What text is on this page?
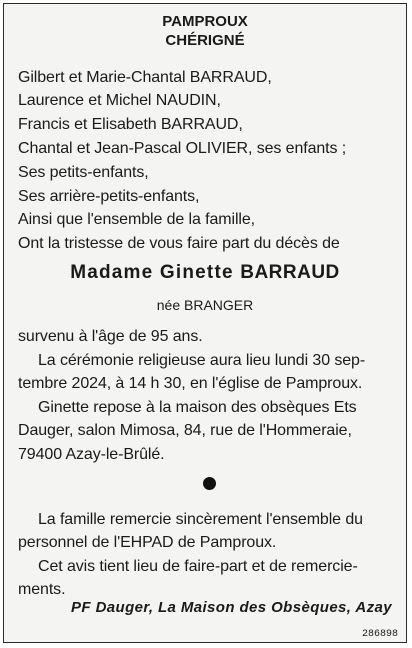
PAMPROUX
CHÉRIGNÉ
Gilbert et Marie-Chantal BARRAUD,
Laurence et Michel NAUDIN,
Francis et Elisabeth BARRAUD,
Chantal et Jean-Pascal OLIVIER, ses enfants ;
Ses petits-enfants,
Ses arrière-petits-enfants,
Ainsi que l'ensemble de la famille,
Ont la tristesse de vous faire part du décès de
Madame Ginette BARRAUD
née BRANGER
survenu à l'âge de 95 ans.
La cérémonie religieuse aura lieu lundi 30 sep-
tembre 2024, à 14 h 30, en l'église de Pamproux.
Ginette repose à la maison des obsèques Ets
Dauger, salon Mimosa, 84, rue de l'Hommeraie,
79400 Azay-le-Brûlé.
La famille remercie sincèrement l'ensemble du
personnel de l'EHPAD de Pamproux.
Cet avis tient lieu de faire-part et de remercie-
ments.
PF Dauger, La Maison des Obsèques, Azay
286898
